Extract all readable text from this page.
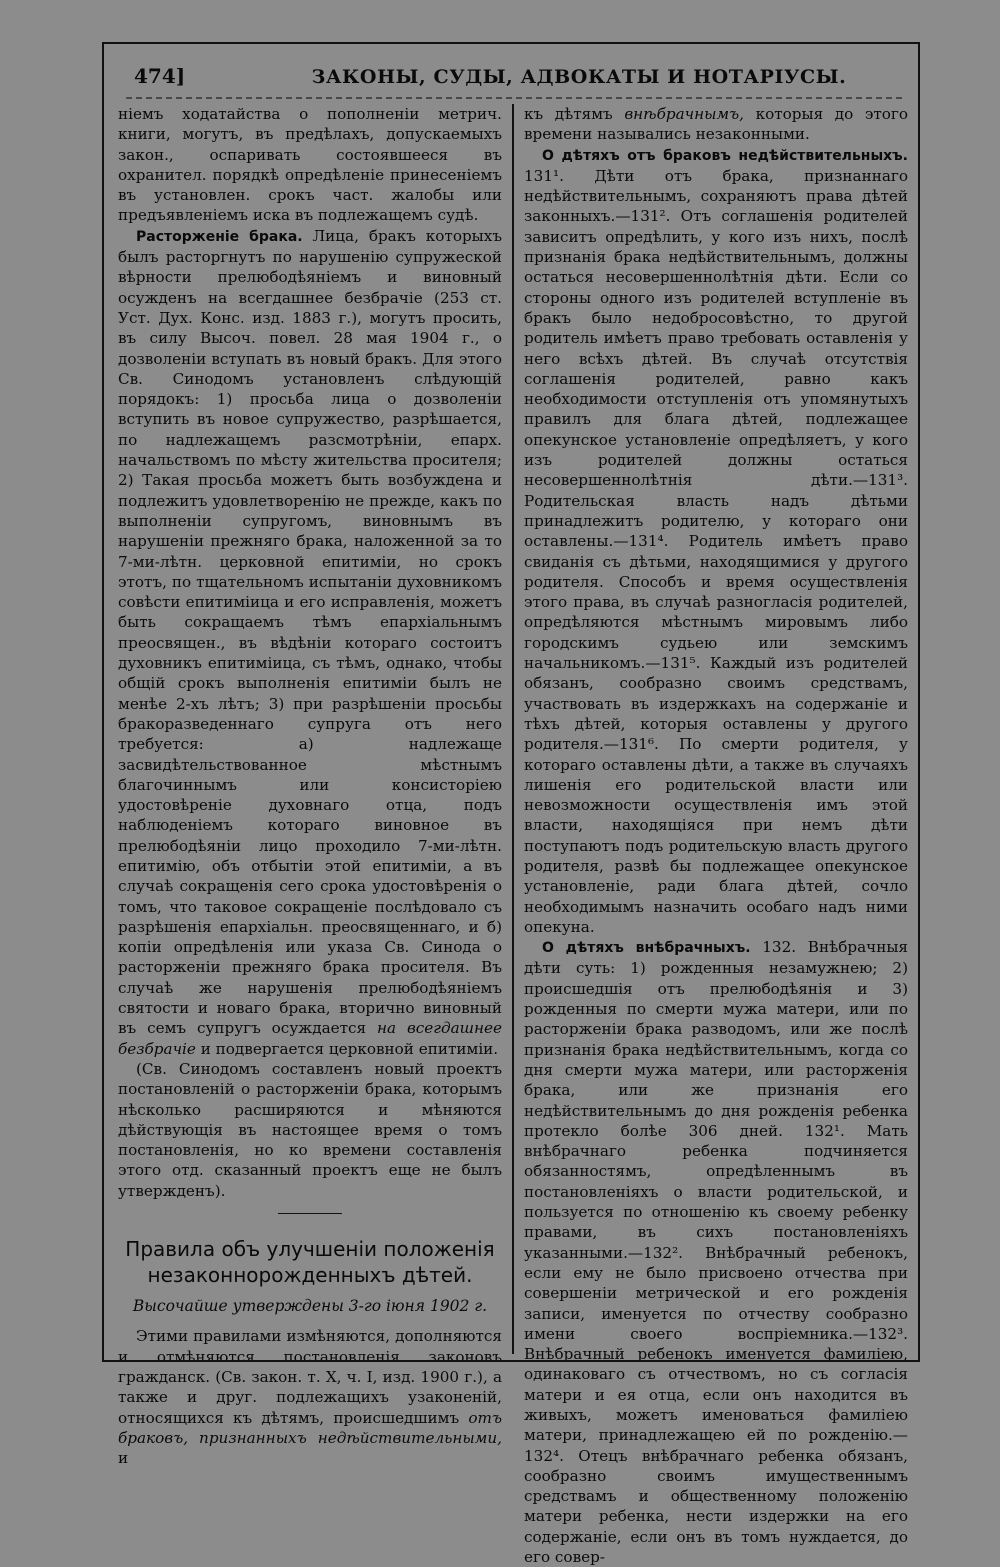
474]	ЗАКОНЫ, СУДЫ, АДВОКАТЫ И НОТАРІУСЫ.

ніемъ ходатайства о пополненіи метрич. книги, могутъ, въ предѣлахъ, допускаемыхъ закон., оспаривать состоявшееся въ охранител. порядкѣ опредѣленіе принесеніемъ въ установлен. срокъ част. жалобы или предъявленіемъ иска въ подлежащемъ судѣ.

Расторженіе брака. Лица, бракъ которыхъ былъ расторгнутъ по нарушенію супружеской вѣрности прелюбодѣяніемъ и виновный осужденъ на всегдашнее безбрачіе (253 ст. Уст. Дух. Конс. изд. 1883 г.), могутъ просить, въ силу Высоч. повел. 28 мая 1904 г., о дозволеніи вступать въ новый бракъ. Для этого Св. Синодомъ установленъ слѣдующій порядокъ: 1) просьба лица о дозволеніи вступить въ новое супружество, разрѣшается, по надлежащемъ разсмотрѣніи, епарх. начальствомъ по мѣсту жительства просителя; 2) Такая просьба можетъ быть возбуждена и подлежитъ удовлетворенію не прежде, какъ по выполненіи супругомъ, виновнымъ въ нарушеніи прежняго брака, наложенной за то 7-ми-лѣтн. церковной епитиміи, но срокъ этотъ, по тщательномъ испытаніи духовникомъ совѣсти епитиміица и его исправленія, можетъ быть сокращаемъ тѣмъ епархіальнымъ преосвящен., въ вѣдѣніи котораго состоитъ духовникъ епитиміица, съ тѣмъ, однако, чтобы общій срокъ выполненія епитиміи былъ не менѣе 2-хъ лѣтъ; 3) при разрѣшеніи просьбы бракоразведеннаго супруга отъ него требуется: a) надлежаще засвидѣтельствованное мѣстнымъ благочиннымъ или консисторіею удостовѣреніе духовнаго отца, подъ наблюденіемъ котораго виновное въ прелюбодѣяніи лицо проходило 7-ми-лѣтн. епитимію, объ отбытіи этой епитиміи, а въ случаѣ сокращенія сего срока удостовѣренія о томъ, что таковое сокращеніе послѣдовало съ разрѣшенія епархіальн. преосвященнаго, и б) копіи опредѣленія или указа Св. Синода о расторженіи прежняго брака просителя. Въ случаѣ же нарушенія прелюбодѣяніемъ святости и новаго брака, вторично виновный въ семъ супругъ осуждается на всегдашнее безбрачіе и подвергается церковной епитиміи.

(Св. Синодомъ составленъ новый проектъ постановленій о расторженіи брака, которымъ нѣсколько расширяются и мѣняются дѣйствующія въ настоящее время о томъ постановленія, но ко времени составленія этого отд. сказанный проектъ еще не былъ утвержденъ).

Правила объ улучшеніи положенія незаконнорожденныхъ дѣтей.
Высочайше утверждены 3-го іюня 1902 г.

Этими правилами измѣняются, дополняются и отмѣняются постановленія законовъ гражданск. (Св. закон. т. X, ч. I, изд. 1900 г.), а также и друг. подлежащихъ узаконеній, относящихся къ дѣтямъ, происшедшимъ отъ браковъ, признанныхъ недѣйствительными, и

къ дѣтямъ внѣбрачнымъ, которыя до этого времени назывались незаконными.

О дѣтяхъ отъ браковъ недѣйствительныхъ. 131¹. Дѣти отъ брака, признаннаго недѣйствительнымъ, сохраняютъ права дѣтей законныхъ.—131². Отъ соглашенія родителей зависитъ опредѣлить, у кого изъ нихъ, послѣ признанія брака недѣйствительнымъ, должны остаться несовершеннолѣтнія дѣти. Если со стороны одного изъ родителей вступленіе въ бракъ было недобросовѣстно, то другой родитель имѣетъ право требовать оставленія у него всѣхъ дѣтей. Въ случаѣ отсутствія соглашенія родителей, равно какъ необходимости отступленія отъ упомянутыхъ правилъ для блага дѣтей, подлежащее опекунское установленіе опредѣляетъ, у кого изъ родителей должны остаться несовершеннолѣтнія дѣти.—131³. Родительская власть надъ дѣтьми принадлежитъ родителю, у котораго они оставлены.—131⁴. Родитель имѣетъ право свиданія съ дѣтьми, находящимися у другого родителя. Способъ и время осуществленія этого права, въ случаѣ разногласія родителей, опредѣляются мѣстнымъ мировымъ либо городскимъ судьею или земскимъ начальникомъ.—131⁵. Каждый изъ родителей обязанъ, сообразно своимъ средствамъ, участвовать въ издержкахъ на содержаніе и тѣхъ дѣтей, которыя оставлены у другого родителя.—131⁶. По смерти родителя, у котораго оставлены дѣти, а также въ случаяхъ лишенія его родительской власти или невозможности осуществленія имъ этой власти, находящіяся при немъ дѣти поступаютъ подъ родительскую власть другого родителя, развѣ бы подлежащее опекунское установленіе, ради блага дѣтей, сочло необходимымъ назначить особаго надъ ними опекуна.

О дѣтяхъ внѣбрачныхъ. 132. Внѣбрачныя дѣти суть: 1) рожденныя незамужнею; 2) происшедшія отъ прелюбодѣянія и 3) рожденныя по смерти мужа матери, или по расторженіи брака разводомъ, или же послѣ признанія брака недѣйствительнымъ, когда со дня смерти мужа матери, или расторженія брака, или же признанія его недѣйствительнымъ до дня рожденія ребенка протекло болѣе 306 дней. 132¹. Мать внѣбрачнаго ребенка подчиняется обязанностямъ, опредѣленнымъ въ постановленіяхъ о власти родительской, и пользуется по отношенію къ своему ребенку правами, въ сихъ постановленіяхъ указанными.—132². Внѣбрачный ребенокъ, если ему не было присвоено отчества при совершеніи метрической и его рожденія записи, именуется по отчеству сообразно имени своего воспріемника.—132³. Внѣбрачный ребенокъ именуется фамиліею, одинаковаго съ отчествомъ, но съ согласія матери и ея отца, если онъ находится въ живыхъ, можетъ именоваться фамиліею матери, принадлежащею ей по рожденію.—132⁴. Отецъ внѣбрачнаго ребенка обязанъ, сообразно своимъ имущественнымъ средствамъ и общественному положенію матери ребенка, нести издержки на его содержаніе, если онъ въ томъ нуждается, до его совер-
